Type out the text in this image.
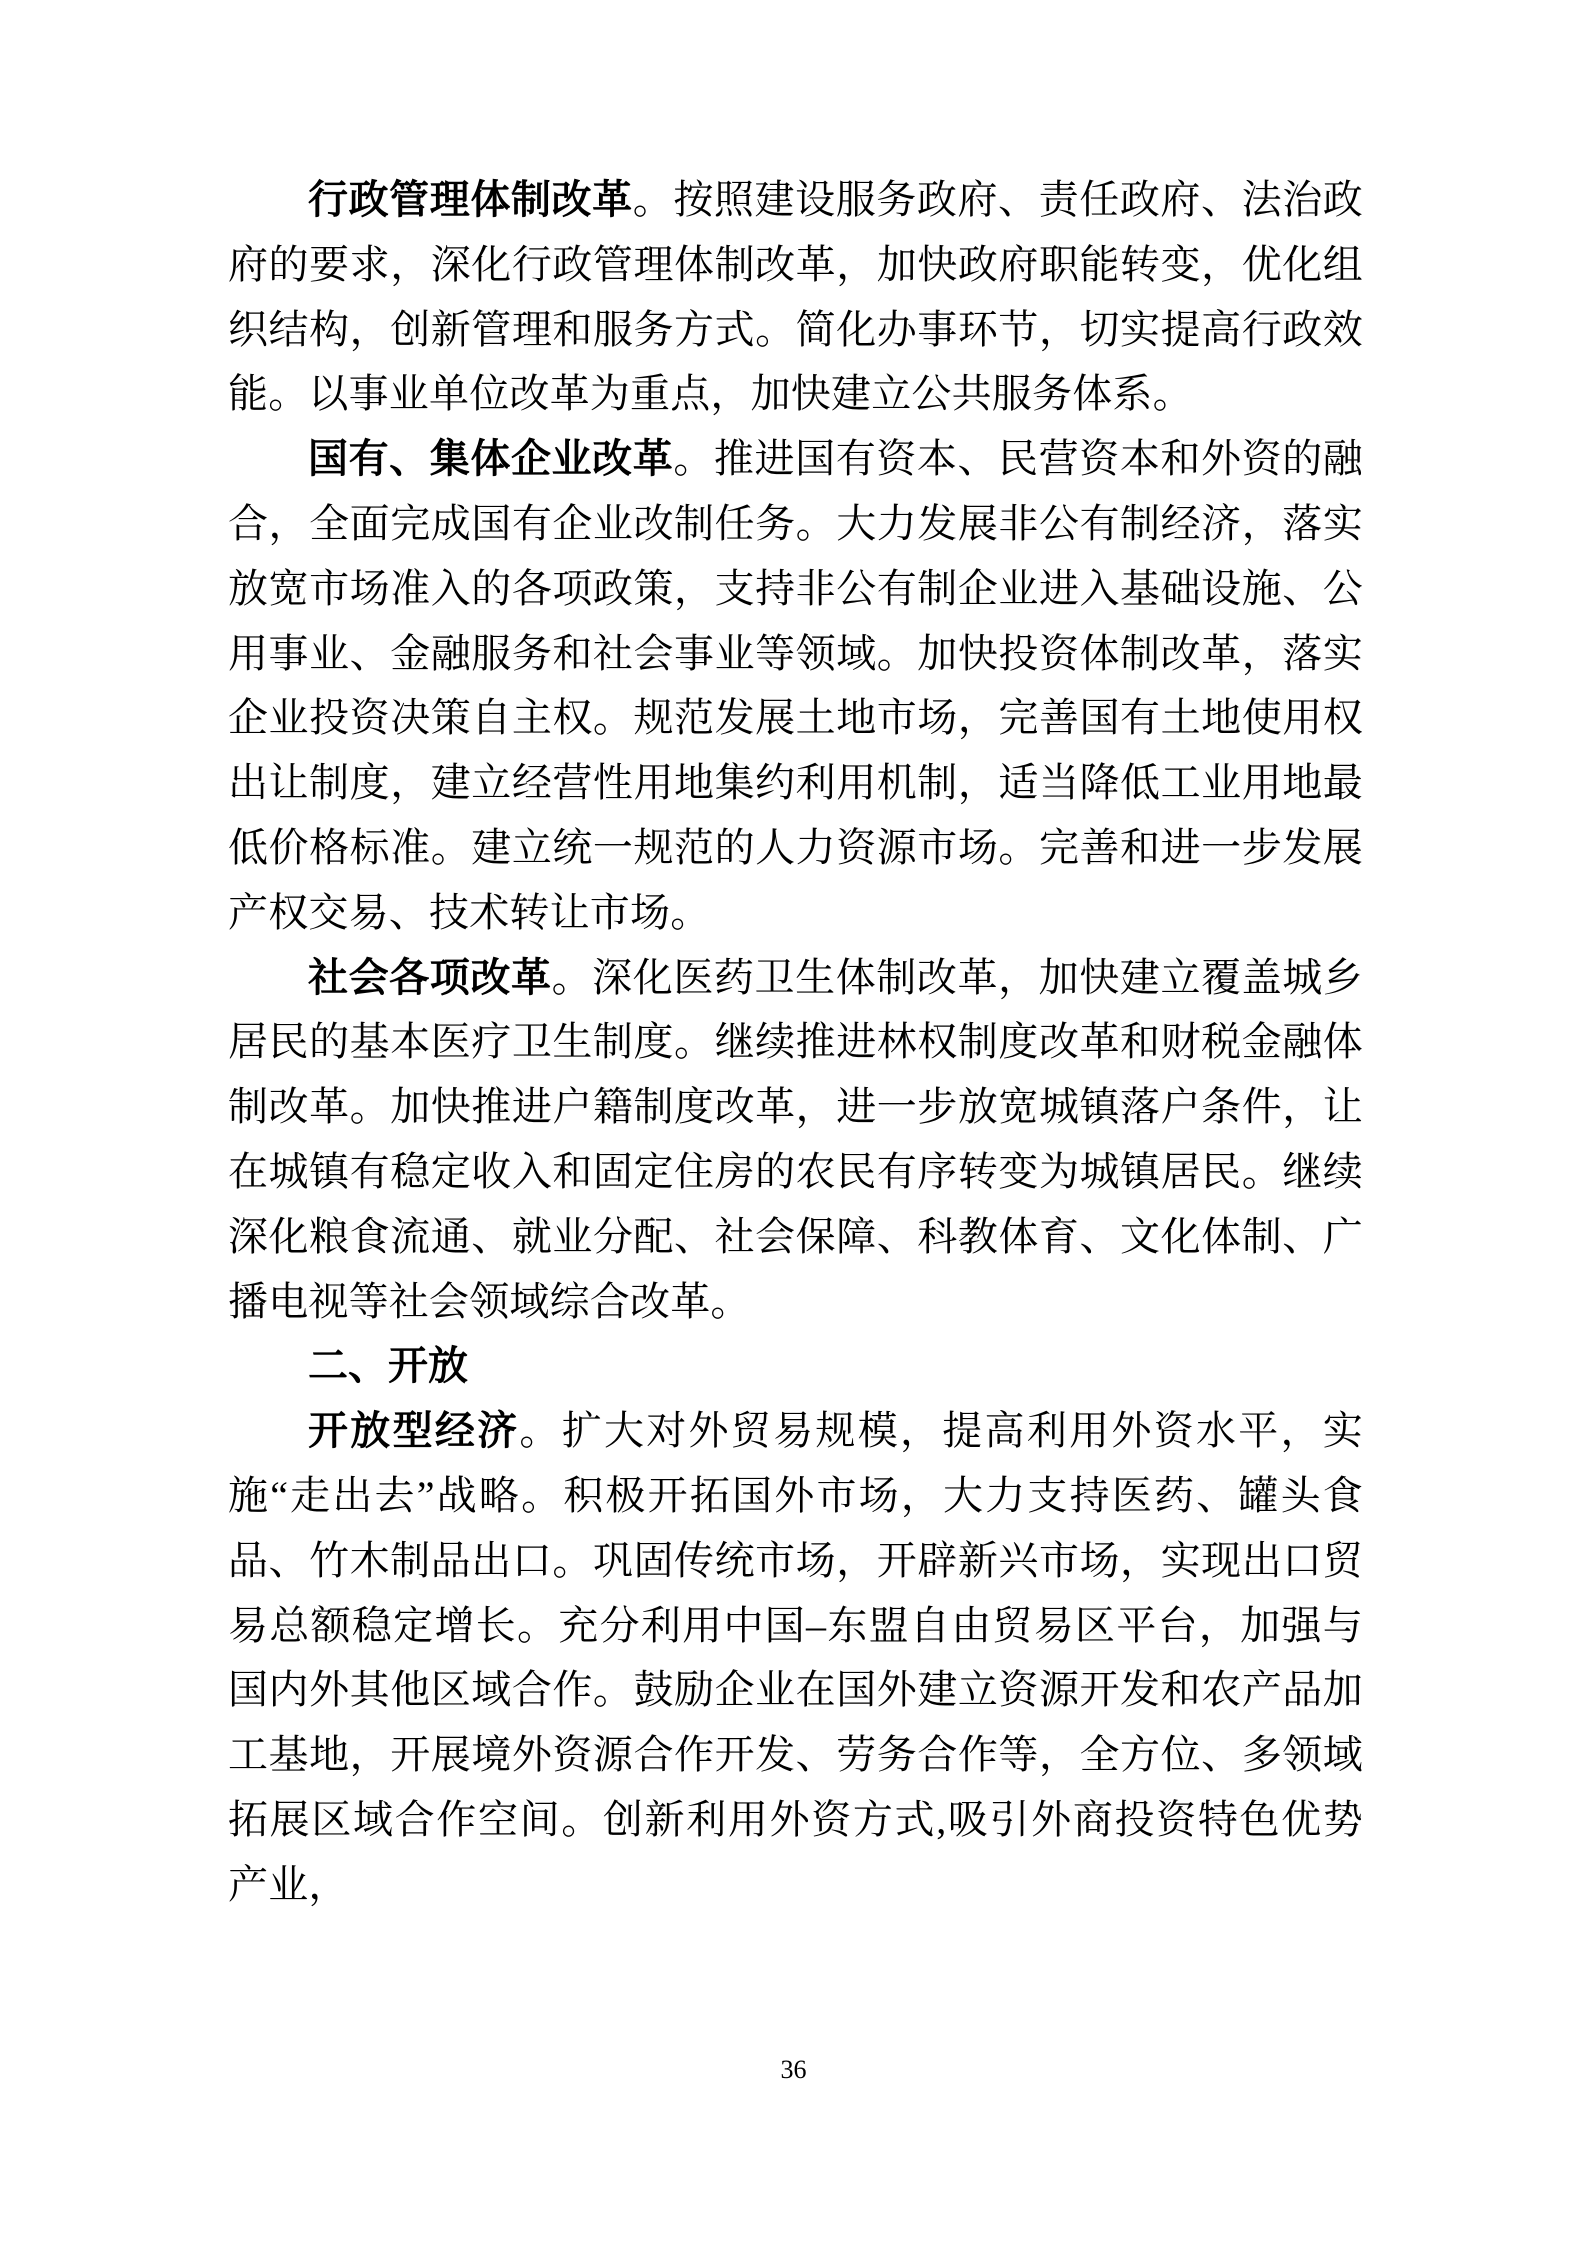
行政管理体制改革。按照建设服务政府、责任政府、法治政府的要求，深化行政管理体制改革，加快政府职能转变，优化组织结构，创新管理和服务方式。简化办事环节，切实提高行政效能。以事业单位改革为重点，加快建立公共服务体系。

国有、集体企业改革。推进国有资本、民营资本和外资的融合，全面完成国有企业改制任务。大力发展非公有制经济，落实放宽市场准入的各项政策，支持非公有制企业进入基础设施、公用事业、金融服务和社会事业等领域。加快投资体制改革，落实企业投资决策自主权。规范发展土地市场，完善国有土地使用权出让制度，建立经营性用地集约利用机制，适当降低工业用地最低价格标准。建立统一规范的人力资源市场。完善和进一步发展产权交易、技术转让市场。

社会各项改革。深化医药卫生体制改革，加快建立覆盖城乡居民的基本医疗卫生制度。继续推进林权制度改革和财税金融体制改革。加快推进户籍制度改革，进一步放宽城镇落户条件，让在城镇有稳定收入和固定住房的农民有序转变为城镇居民。继续深化粮食流通、就业分配、社会保障、科教体育、文化体制、广播电视等社会领域综合改革。

二、开放

开放型经济。扩大对外贸易规模，提高利用外资水平，实施“走出去”战略。积极开拓国外市场，大力支持医药、罐头食品、竹木制品出口。巩固传统市场，开辟新兴市场，实现出口贸易总额稳定增长。充分利用中国–东盟自由贸易区平台，加强与国内外其他区域合作。鼓励企业在国外建立资源开发和农产品加工基地，开展境外资源合作开发、劳务合作等，全方位、多领域拓展区域合作空间。创新利用外资方式,吸引外商投资特色优势产业，

36
